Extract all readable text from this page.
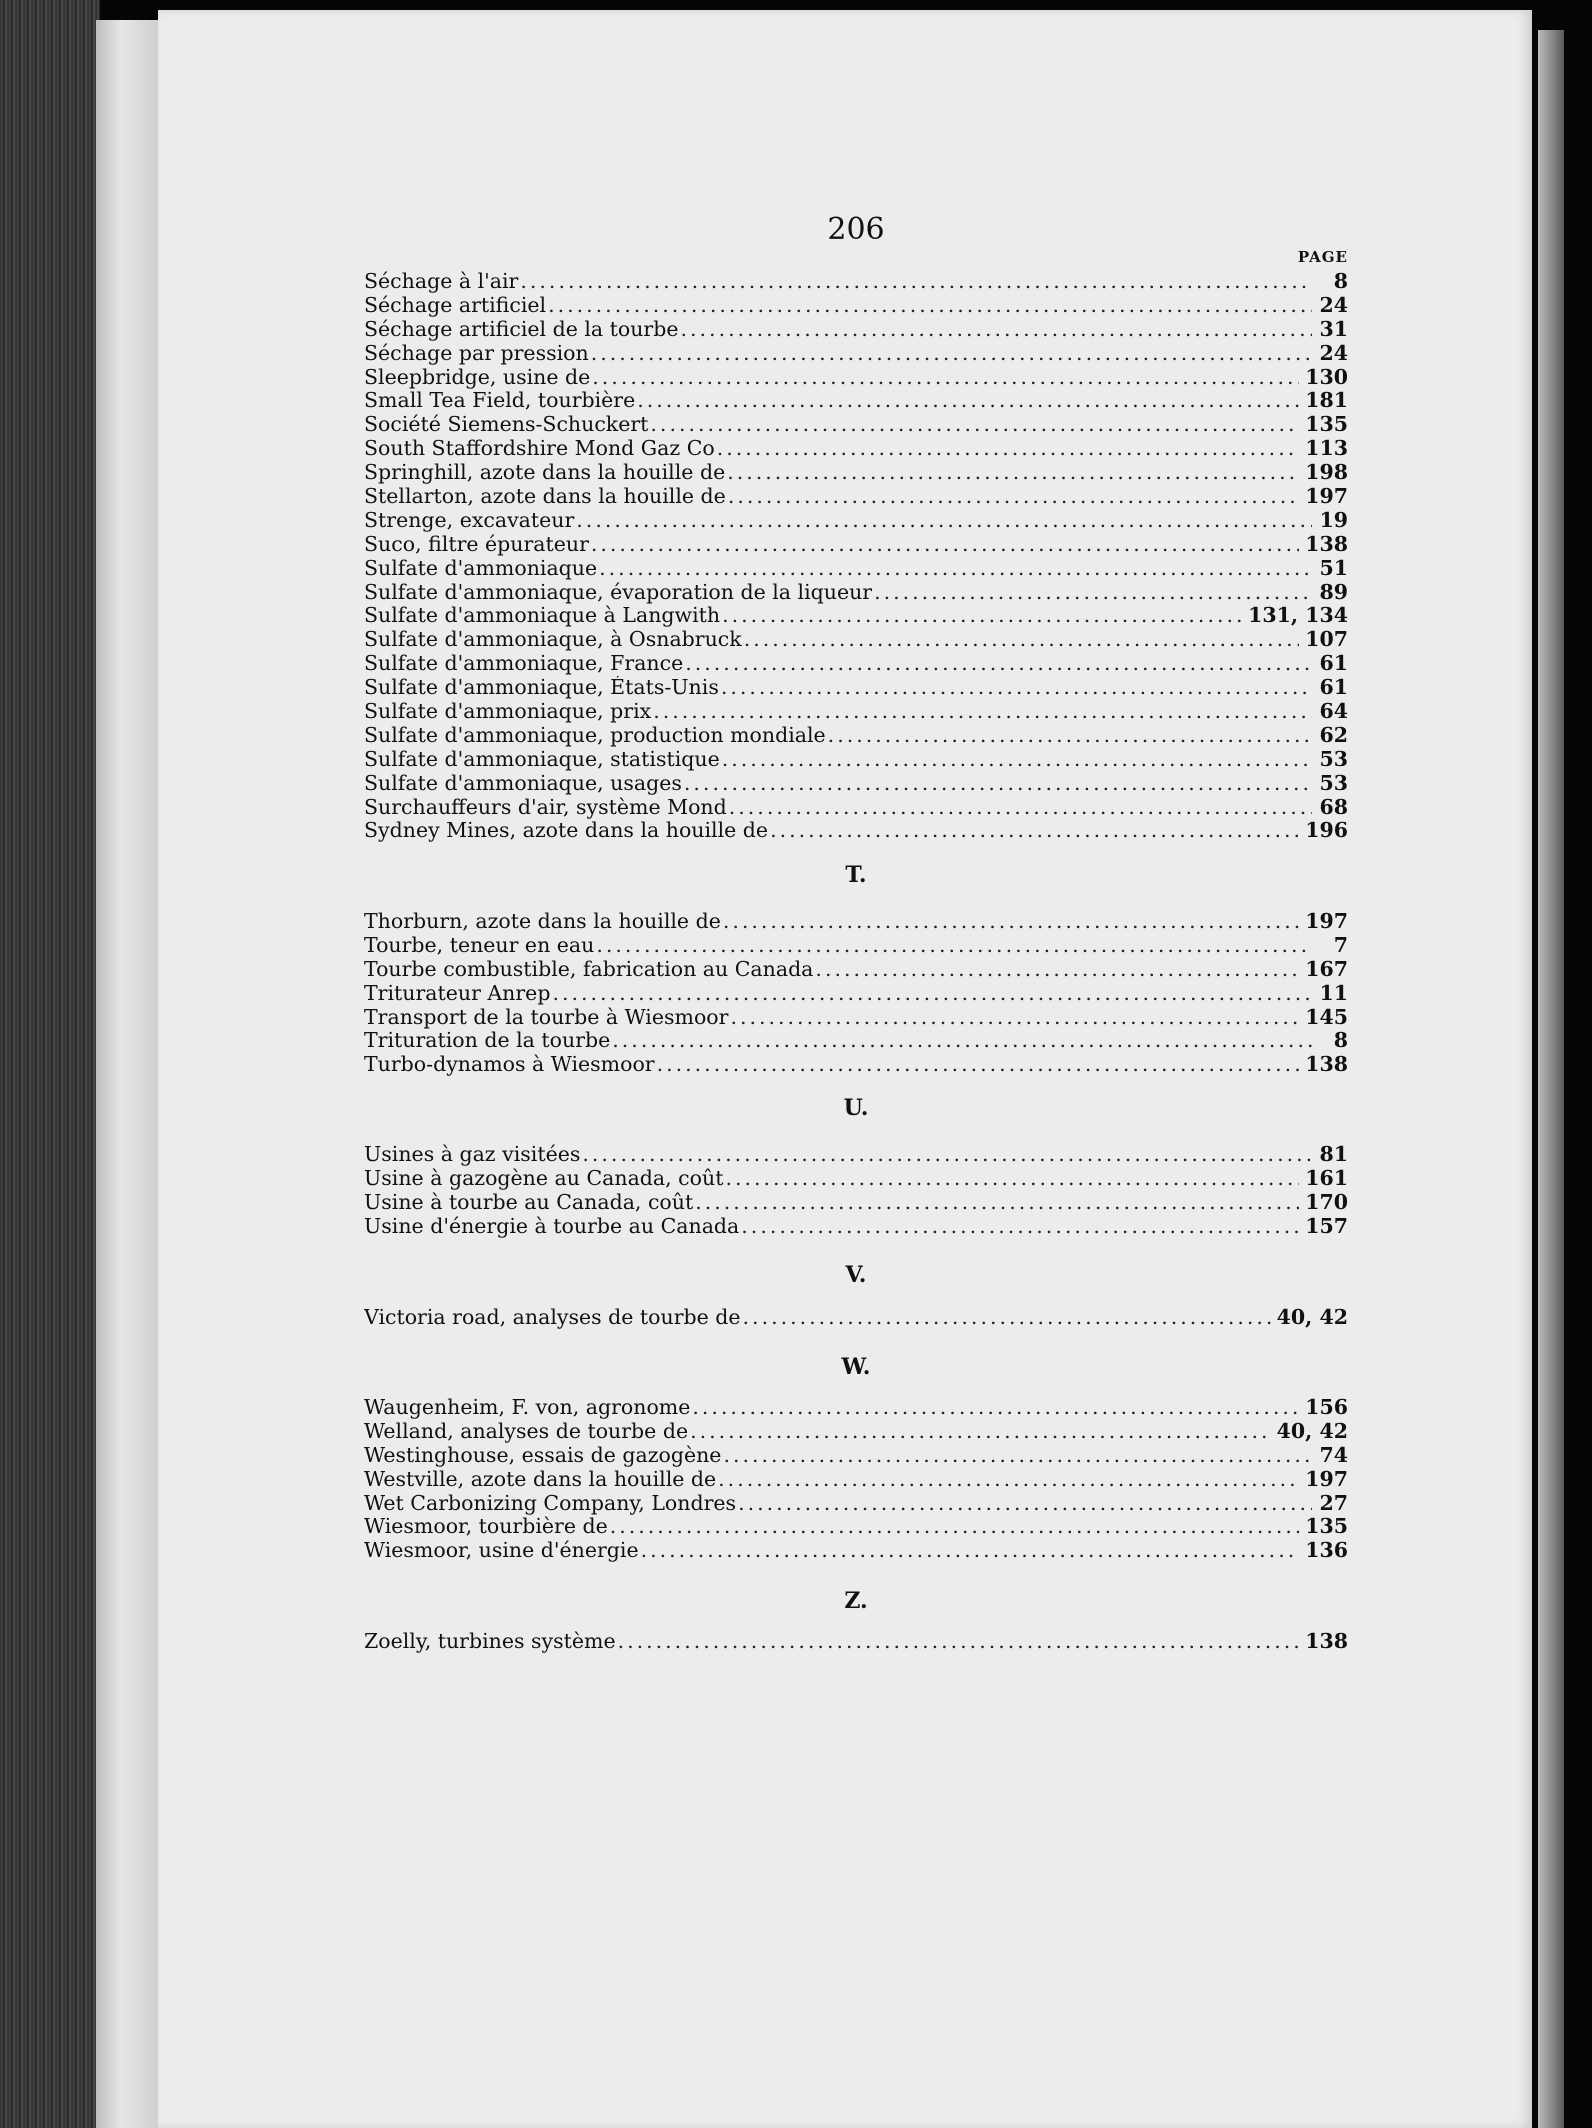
206
PAGE
Séchage à l'air .....	8
Séchage artificiel .....	24
Séchage artificiel de la tourbe .....	31
Séchage par pression .....	24
Sleepbridge, usine de .....	130
Small Tea Field, tourbière .....	181
Société Siemens-Schuckert .....	135
South Staffordshire Mond Gaz Co .....	113
Springhill, azote dans la houille de .....	198
Stellarton, azote dans la houille de .....	197
Strenge, excavateur .....	19
Suco, filtre épurateur .....	138
Sulfate d'ammoniaque .....	51
Sulfate d'ammoniaque, évaporation de la liqueur .....	89
Sulfate d'ammoniaque à Langwith .....	131, 134
Sulfate d'ammoniaque, à Osnabruck .....	107
Sulfate d'ammoniaque, France .....	61
Sulfate d'ammoniaque, États-Unis .....	61
Sulfate d'ammoniaque, prix .....	64
Sulfate d'ammoniaque, production mondiale .....	62
Sulfate d'ammoniaque, statistique .....	53
Sulfate d'ammoniaque, usages .....	53
Surchauffeurs d'air, système Mond .....	68
Sydney Mines, azote dans la houille de .....	196
T.
Thorburn, azote dans la houille de .....	197
Tourbe, teneur en eau .....	7
Tourbe combustible, fabrication au Canada .....	167
Triturateur Anrep .....	11
Transport de la tourbe à Wiesmoor .....	145
Trituration de la tourbe .....	8
Turbo-dynamos à Wiesmoor .....	138
U.
Usines à gaz visitées .....	81
Usine à gazogène au Canada, coût .....	161
Usine à tourbe au Canada, coût .....	170
Usine d'énergie à tourbe au Canada .....	157
V.
Victoria road, analyses de tourbe de .....	40, 42
W.
Waugenheim, F. von, agronome .....	156
Welland, analyses de tourbe de .....	40, 42
Westinghouse, essais de gazogène .....	74
Westville, azote dans la houille de .....	197
Wet Carbonizing Company, Londres .....	27
Wiesmoor, tourbière de .....	135
Wiesmoor, usine d'énergie .....	136
Z.
Zoelly, turbines système .....	138
